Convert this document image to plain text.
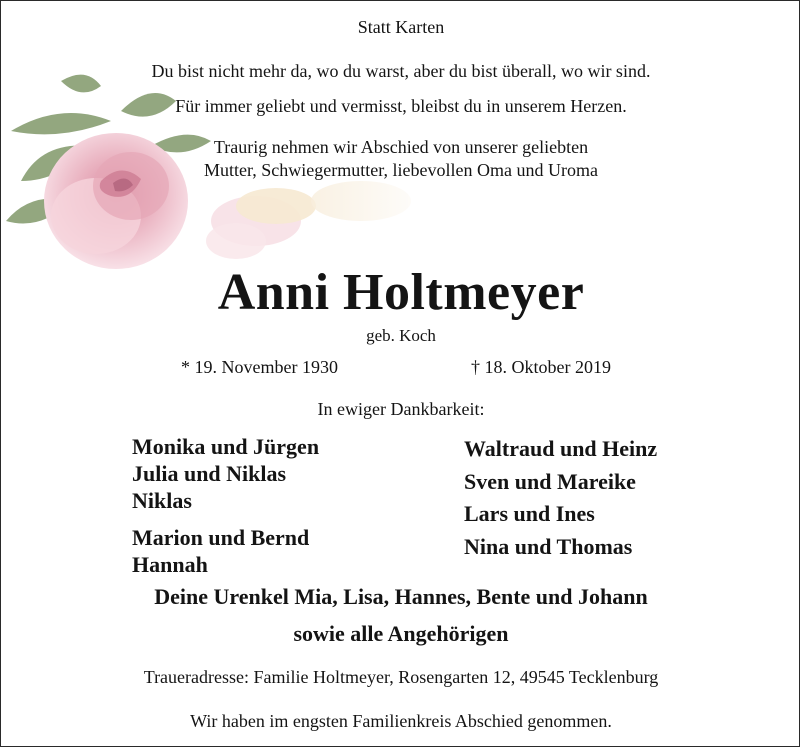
Statt Karten
Du bist nicht mehr da, wo du warst, aber du bist überall, wo wir sind.
Für immer geliebt und vermisst, bleibst du in unserem Herzen.
Traurig nehmen wir Abschied von unserer geliebten
Mutter, Schwiegermutter, liebevollen Oma und Uroma
Anni Holtmeyer
geb. Koch
* 19. November 1930	† 18. Oktober 2019
In ewiger Dankbarkeit:
Monika und Jürgen
Julia und Niklas
Niklas
Marion und Bernd
Hannah
Waltraud und Heinz
Sven und Mareike
Lars und Ines
Nina und Thomas
Deine Urenkel Mia, Lisa, Hannes, Bente und Johann
sowie alle Angehörigen
Traueradresse: Familie Holtmeyer, Rosengarten 12, 49545 Tecklenburg
Wir haben im engsten Familienkreis Abschied genommen.
